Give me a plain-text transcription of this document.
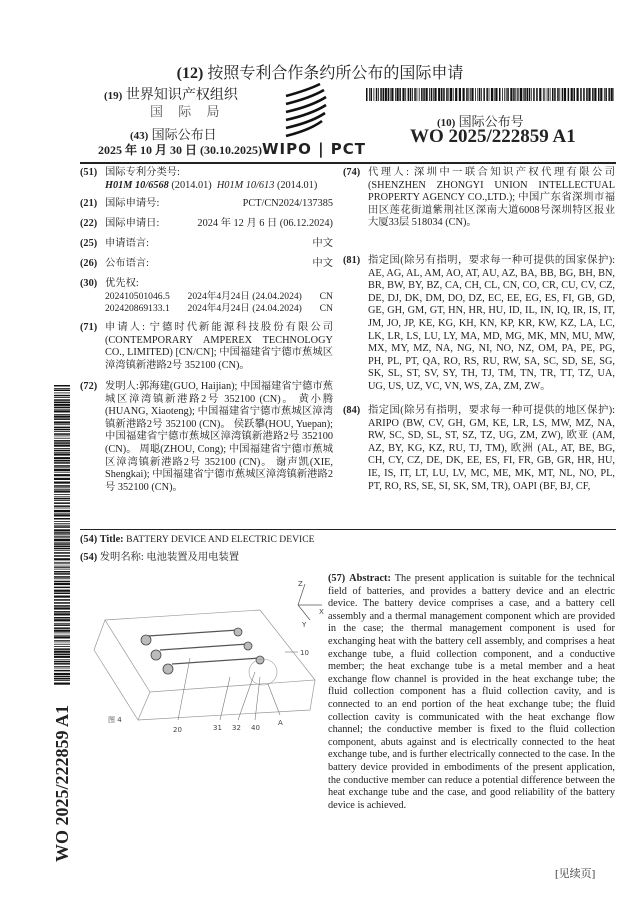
(12) 按照专利合作条约所公布的国际申请
(19) 世界知识产权组织
国 际 局
(43) 国际公布日
2025 年 10 月 30 日 (30.10.2025) WIPO | PCT
(10) 国际公布号
WO 2025/222859 A1
(51) 国际专利分类号:
H01M 10/6568 (2014.01) H01M 10/613 (2014.01)
(21) 国际申请号:	PCT/CN2024/137385
(22) 国际申请日:	2024 年 12 月 6 日 (06.12.2024)
(25) 申请语言:	中文
(26) 公布语言:	中文
(30) 优先权:
202410501046.5 2024年4月24日 (24.04.2024) CN
202420869133.1 2024年4月24日 (24.04.2024) CN
(71) 申请人: 宁德时代新能源科技股份有限公司 (CONTEMPORARY AMPEREX TECHNOLOGY CO., LIMITED) [CN/CN]; 中国福建省宁德市蕉城区漳湾镇新港路2号 352100 (CN)。
(72) 发明人:郭海建(GUO, Haijian); 中国福建省宁德市蕉城区漳湾镇新港路2号 352100 (CN)。 黄小腾(HUANG, Xiaoteng); 中国福建省宁德市蕉城区漳湾镇新港路2号 352100 (CN)。 侯跃攀(HOU, Yuepan); 中国福建省宁德市蕉城区漳湾镇新港路2号 352100 (CN)。 周聪(ZHOU, Cong); 中国福建省宁德市蕉城区漳湾镇新港路2号 352100 (CN)。 谢声凯(XIE, Shengkai); 中国福建省宁德市蕉城区漳湾镇新港路2号 352100 (CN)。
(74) 代理人: 深圳中一联合知识产权代理有限公司 (SHENZHEN ZHONGYI UNION INTELLECTUAL PROPERTY AGENCY CO.,LTD.); 中国广东省深圳市福田区莲花街道紫荆社区深南大道6008号深圳特区报业大厦33层 518034 (CN)。
(81) 指定国(除另有指明，要求每一种可提供的国家保护): AE, AG, AL, AM, AO, AT, AU, AZ, BA, BB, BG, BH, BN, BR, BW, BY, BZ, CA, CH, CL, CN, CO, CR, CU, CV, CZ, DE, DJ, DK, DM, DO, DZ, EC, EE, EG, ES, FI, GB, GD, GE, GH, GM, GT, HN, HR, HU, ID, IL, IN, IQ, IR, IS, IT, JM, JO, JP, KE, KG, KH, KN, KP, KR, KW, KZ, LA, LC, LK, LR, LS, LU, LY, MA, MD, MG, MK, MN, MU, MW, MX, MY, MZ, NA, NG, NI, NO, NZ, OM, PA, PE, PG, PH, PL, PT, QA, RO, RS, RU, RW, SA, SC, SD, SE, SG, SK, SL, ST, SV, SY, TH, TJ, TM, TN, TR, TT, TZ, UA, UG, US, UZ, VC, VN, WS, ZA, ZM, ZW。
(84) 指定国(除另有指明，要求每一种可提供的地区保护): ARIPO (BW, CV, GH, GM, KE, LR, LS, MW, MZ, NA, RW, SC, SD, SL, ST, SZ, TZ, UG, ZM, ZW), 欧亚 (AM, AZ, BY, KG, KZ, RU, TJ, TM), 欧洲 (AL, AT, BE, BG, CH, CY, CZ, DE, DK, EE, ES, FI, FR, GB, GR, HR, HU, IE, IS, IT, LT, LU, LV, MC, ME, MK, MT, NL, NO, PL, PT, RO, RS, SE, SI, SK, SM, TR), OAPI (BF, BJ, CF,
(54) Title: BATTERY DEVICE AND ELECTRIC DEVICE
(54) 发明名称: 电池装置及用电装置
Z
X
Y
20	31 32 40
A
10
图 4
(57) Abstract: The present application is suitable for the technical field of batteries, and provides a battery device and an electric device. The battery device comprises a case, and a battery cell assembly and a thermal management component which are provided in the case; the thermal management component is used for exchanging heat with the battery cell assembly, and comprises a heat exchange tube, a fluid collection component, and a conductive member; the heat exchange tube is a metal member and a heat exchange flow channel is provided in the heat exchange tube; the fluid collection component has a fluid collection cavity, and is connected to an end portion of the heat exchange tube; the fluid collection cavity is communicated with the heat exchange flow channel; the conductive member is fixed to the fluid collection component, abuts against and is electrically connected to the heat exchange tube, and is further electrically connected to the case. In the battery device provided in embodiments of the present application, the conductive member can reduce a potential difference between the heat exchange tube and the case, and good reliability of the battery device is achieved.
WO 2025/222859 A1
[见续页]
